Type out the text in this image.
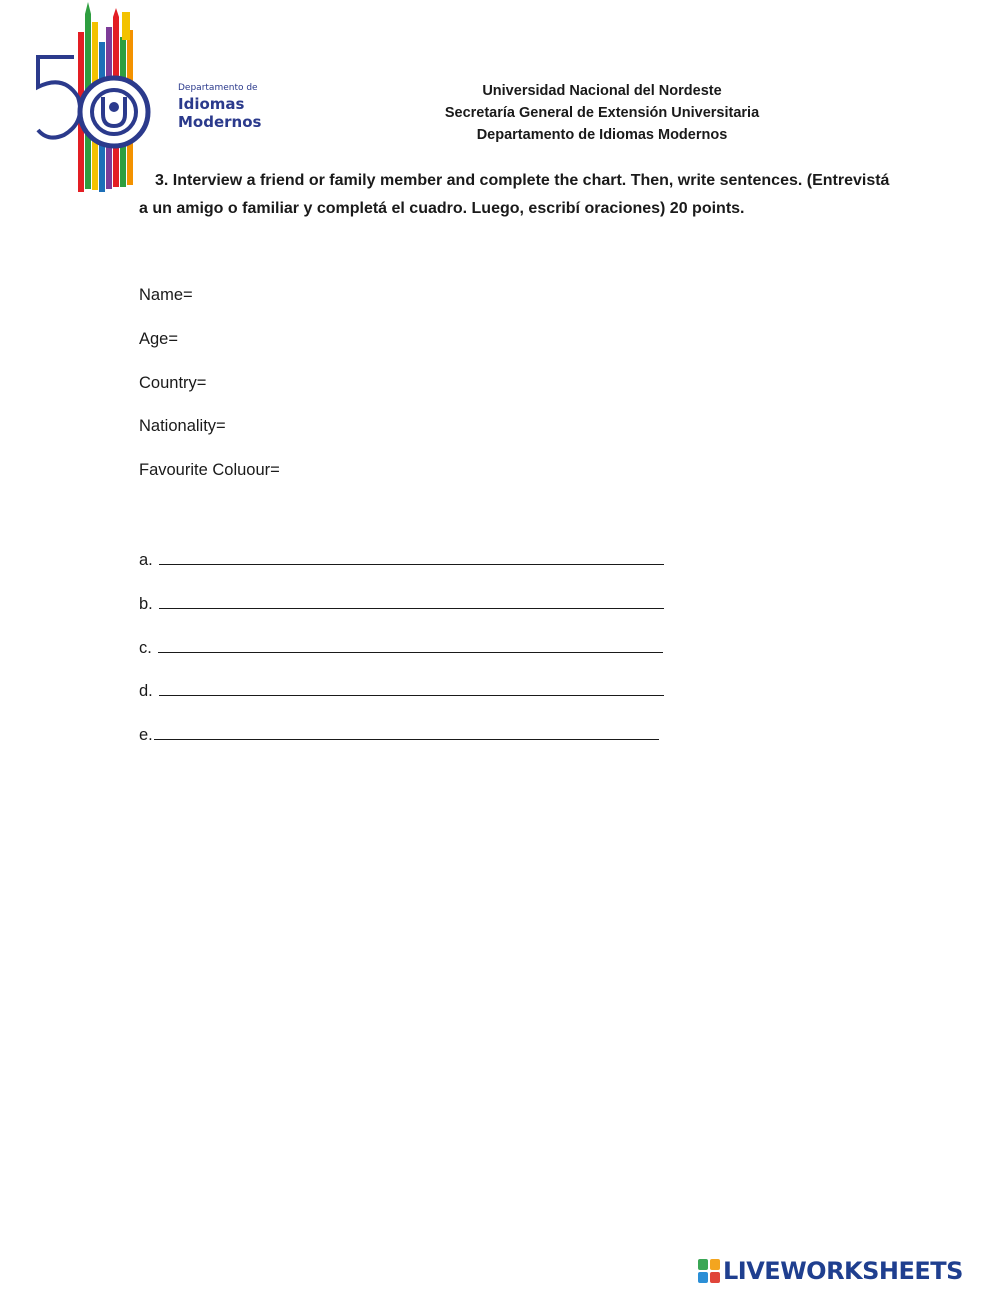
Departamento de
Idiomas
Modernos
Universidad Nacional del Nordeste
Secretaría General de Extensión Universitaria
Departamento de Idiomas Modernos
3. Interview a friend or family member and complete the chart. Then, write sentences. (Entrevistá
a un amigo o familiar y completá el cuadro. Luego, escribí oraciones) 20 points.
Name=
Age=
Country=
Nationality=
Favourite Coluour=
a.
b.
c.
d.
e.
LIVEWORKSHEETS
